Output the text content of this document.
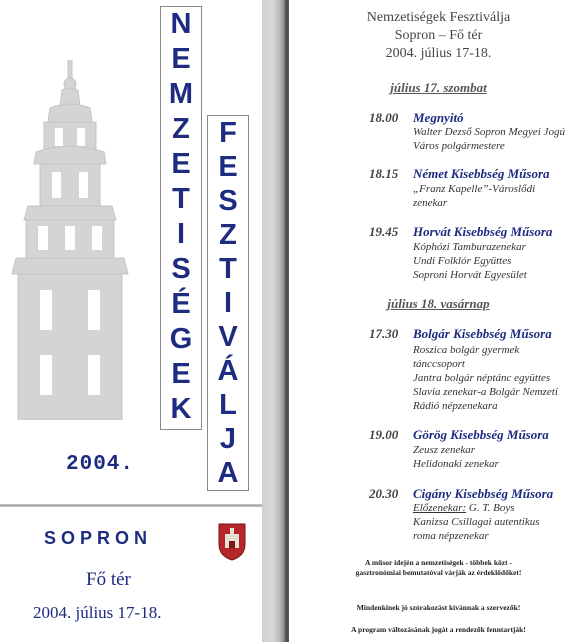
N
E
M
Z
E
T
I
S
É
G
E
K
F
E
S
Z
T
I
V
Á
L
J
A
2004.
SOPRON
Fő tér
2004. július 17-18.
Nemzetiségek Fesztiválja
Sopron – Fő tér
2004. július 17-18.
július 17. szombat
18.00 Megnyitó
Walter Dezső Sopron Megyei Jogú
Város polgármestere
18.15 Német Kisebbség Műsora
„Franz Kapelle”-Városlődi
zenekar
19.45 Horvát Kisebbség Műsora
Kóphózi Tamburazenekar
Undi Folklór Együttes
Soproni Horvát Egyesület
július 18. vasárnap
17.30 Bolgár Kisebbség Műsora
Roszica bolgár gyermek
tánccsoport
Jantra bolgár néptánc együttes
Slavia zenekar-a Bolgár Nemzeti
Rádió népzenekara
19.00 Görög Kisebbség Műsora
Zeusz zenekar
Helidonaki zenekar
20.30 Cigány Kisebbség Műsora
Előzenekar: G. T. Boys
Kanizsa Csillagai autentikus
roma népzenekar
A műsor idején a nemzetiségek - többek közt - gasztronómiai bemutatóval várják az érdeklődőket!
Mindenkinek jó szórakozást kívánnak a szervezők!
A program változásának jogát a rendezők fenntartják!
